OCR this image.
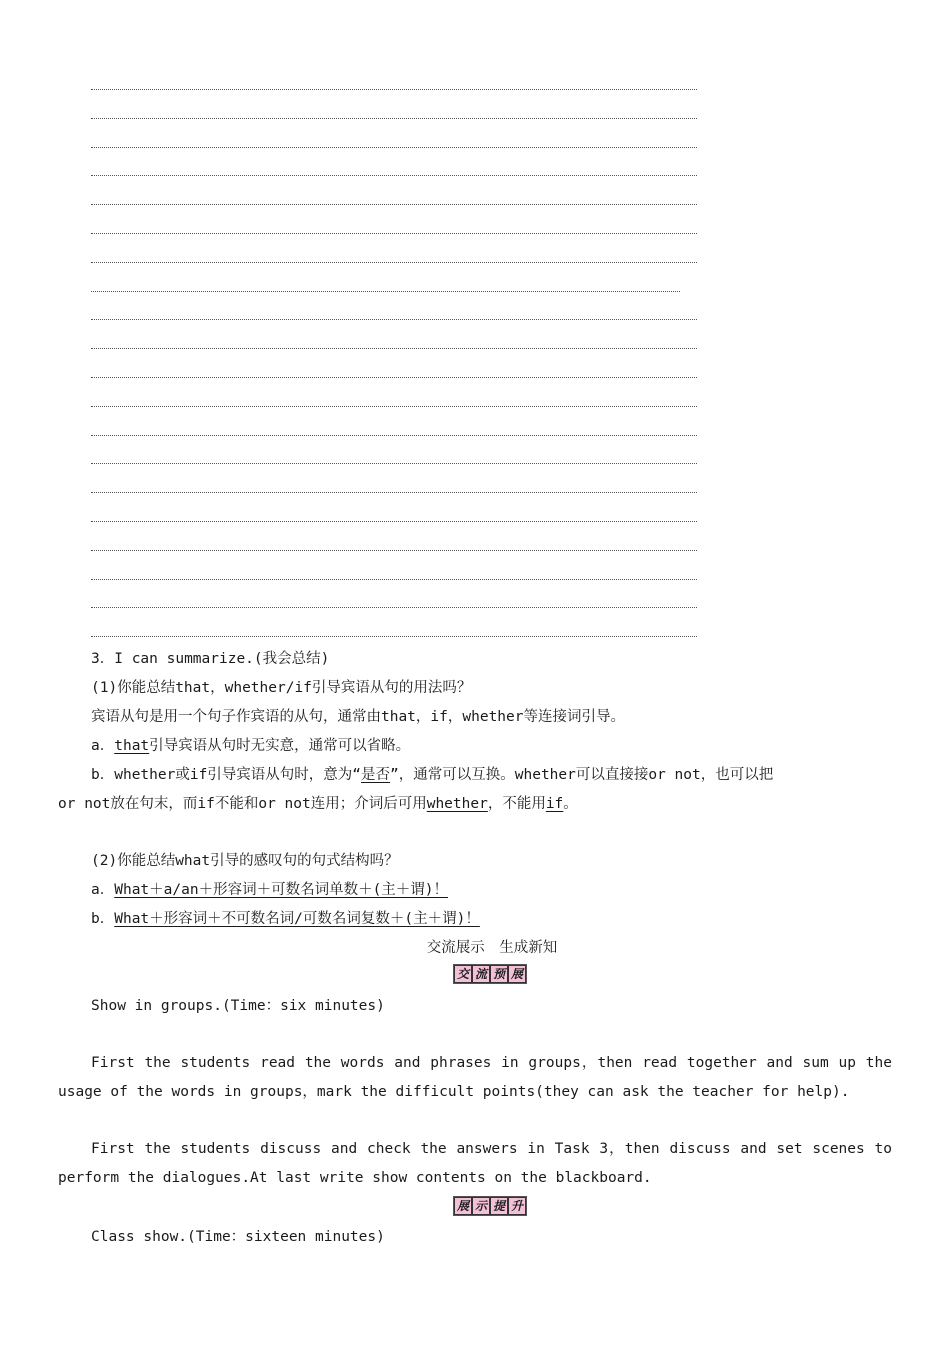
3．I can summarize.(我会总结)
(1)你能总结that，whether/if引导宾语从句的用法吗？
宾语从句是用一个句子作宾语的从句，通常由that，if，whether等连接词引导。
a．that引导宾语从句时无实意，通常可以省略。
b．whether或if引导宾语从句时，意为“是否”，通常可以互换。whether可以直接接or not，也可以把
or not放在句末，而if不能和or not连用；介词后可用whether，不能用if。
(2)你能总结what引导的感叹句的句式结构吗？
a．What＋a/an＋形容词＋可数名词单数＋(主＋谓)！
b．What＋形容词＋不可数名词/可数名词复数＋(主＋谓)！
交流展示　生成新知
交 流 预 展
Show in groups.(Time：six minutes)
First the students read the words and phrases in groups，then read together and sum up the usage of the words in groups，mark the difficult points(they can ask the teacher for help).
First the students discuss and check the answers in Task 3，then discuss and set scenes to perform the dialogues.At last write show contents on the blackboard.
展 示 提 升
Class show.(Time：sixteen minutes)
